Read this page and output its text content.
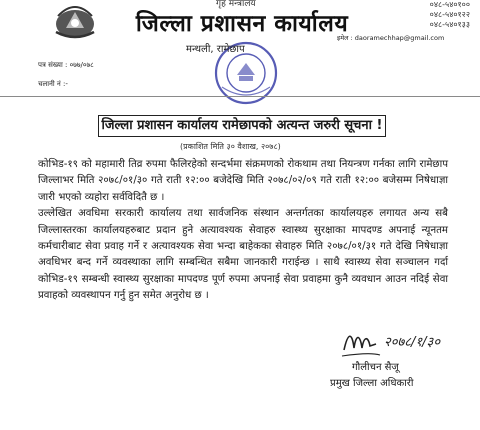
गृह मन्त्रालय
जिल्ला प्रशासन कार्यालय
०४८-५४०१००
०४८-५४०१२२
०४८-५४०१३३
इमेल : daoramechhap@gmail.com
पत्र संख्या : ०७७/०७८
चलानी नं :-
मन्थली, रामेछाप
जिल्ला प्रशासन कार्यालय रामेछापको अत्यन्त जरुरी सूचना !
(प्रकाशित मिति ३० वैशाख, २०७८)

कोभिड-१९ को महामारी तिव्र रुपमा फैलिरहेको सन्दर्भमा संक्रमणको रोकथाम तथा नियन्त्रण गर्नका लागि रामेछाप जिल्लाभर मिति २०७८/०१/३० गते राती १२:०० बजेदेखि मिति २०७८/०२/०९ गते राती १२:०० बजेसम्म निषेधाज्ञा जारी भएको व्यहोरा सर्वविदितै छ ।

उल्लेखित अवधिमा सरकारी कार्यालय तथा सार्वजनिक संस्थान अन्तर्गतका कार्यालयहरु लगायत अन्य सबै जिल्लास्तरका कार्यालयहरुबाट प्रदान हुने अत्यावश्यक सेवाहरु स्वास्थ्य सुरक्षाका मापदण्ड अपनाई न्यूनतम कर्मचारीबाट सेवा प्रवाह गर्ने र अत्यावश्यक सेवा भन्दा बाहेकका सेवाहरु मिति २०७८/०१/३१ गते देखि निषेधाज्ञा अवधिभर बन्द गर्ने व्यवस्थाका लागि सम्बन्धित सबैमा जानकारी गराईन्छ । साथै स्वास्थ्य सेवा सञ्चालन गर्दा कोभिड-१९ सम्बन्धी स्वास्थ्य सुरक्षाका मापदण्ड पूर्ण रुपमा अपनाई सेवा प्रवाहमा कुनै व्यवधान आउन नदिई सेवा प्रवाहको व्यवस्थापन गर्नु हुन समेत अनुरोध छ ।

२०७८/१/३०
गौलीचन सैजू
प्रमुख जिल्ला अधिकारी
